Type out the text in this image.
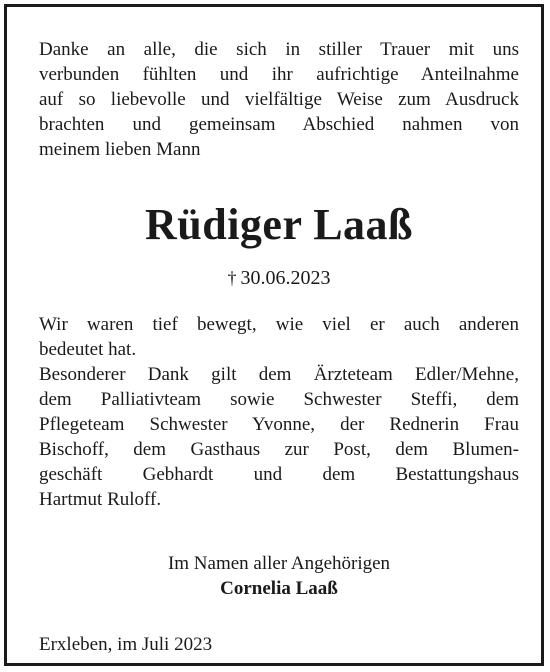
Danke an alle, die sich in stiller Trauer mit uns verbunden fühlten und ihr aufrichtige Anteilnahme auf so liebevolle und vielfältige Weise zum Ausdruck brachten und gemeinsam Abschied nahmen von meinem lieben Mann

Rüdiger Laaß
† 30.06.2023

Wir waren tief bewegt, wie viel er auch anderen bedeutet hat. Besonderer Dank gilt dem Ärzteteam Edler/Mehne, dem Palliativteam sowie Schwester Steffi, dem Pflegeteam Schwester Yvonne, der Rednerin Frau Bischoff, dem Gasthaus zur Post, dem Blumen- geschäft Gebhardt und dem Bestattungshaus Hartmut Ruloff.

Im Namen aller Angehörigen
Cornelia Laaß
Erxleben, im Juli 2023
